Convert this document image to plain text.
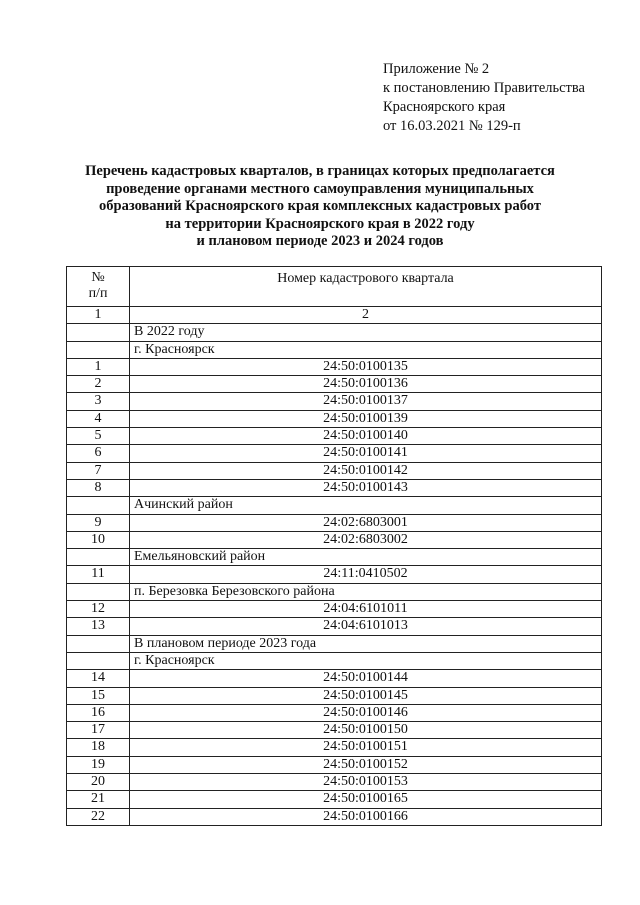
Приложение № 2
к постановлению Правительства
Красноярского края
от 16.03.2021 № 129-п
Перечень кадастровых кварталов, в границах которых предполагается
проведение органами местного самоуправления муниципальных
образований Красноярского края комплексных кадастровых работ
на территории Красноярского края в 2022 году
и плановом периоде 2023 и 2024 годов
№
п/п	Номер кадастрового квартала
1	2
	В 2022 году
	г. Красноярск
1	24:50:0100135
2	24:50:0100136
3	24:50:0100137
4	24:50:0100139
5	24:50:0100140
6	24:50:0100141
7	24:50:0100142
8	24:50:0100143
	Ачинский район
9	24:02:6803001
10	24:02:6803002
	Емельяновский район
11	24:11:0410502
	п. Березовка Березовского района
12	24:04:6101011
13	24:04:6101013
	В плановом периоде 2023 года
	г. Красноярск
14	24:50:0100144
15	24:50:0100145
16	24:50:0100146
17	24:50:0100150
18	24:50:0100151
19	24:50:0100152
20	24:50:0100153
21	24:50:0100165
22	24:50:0100166
